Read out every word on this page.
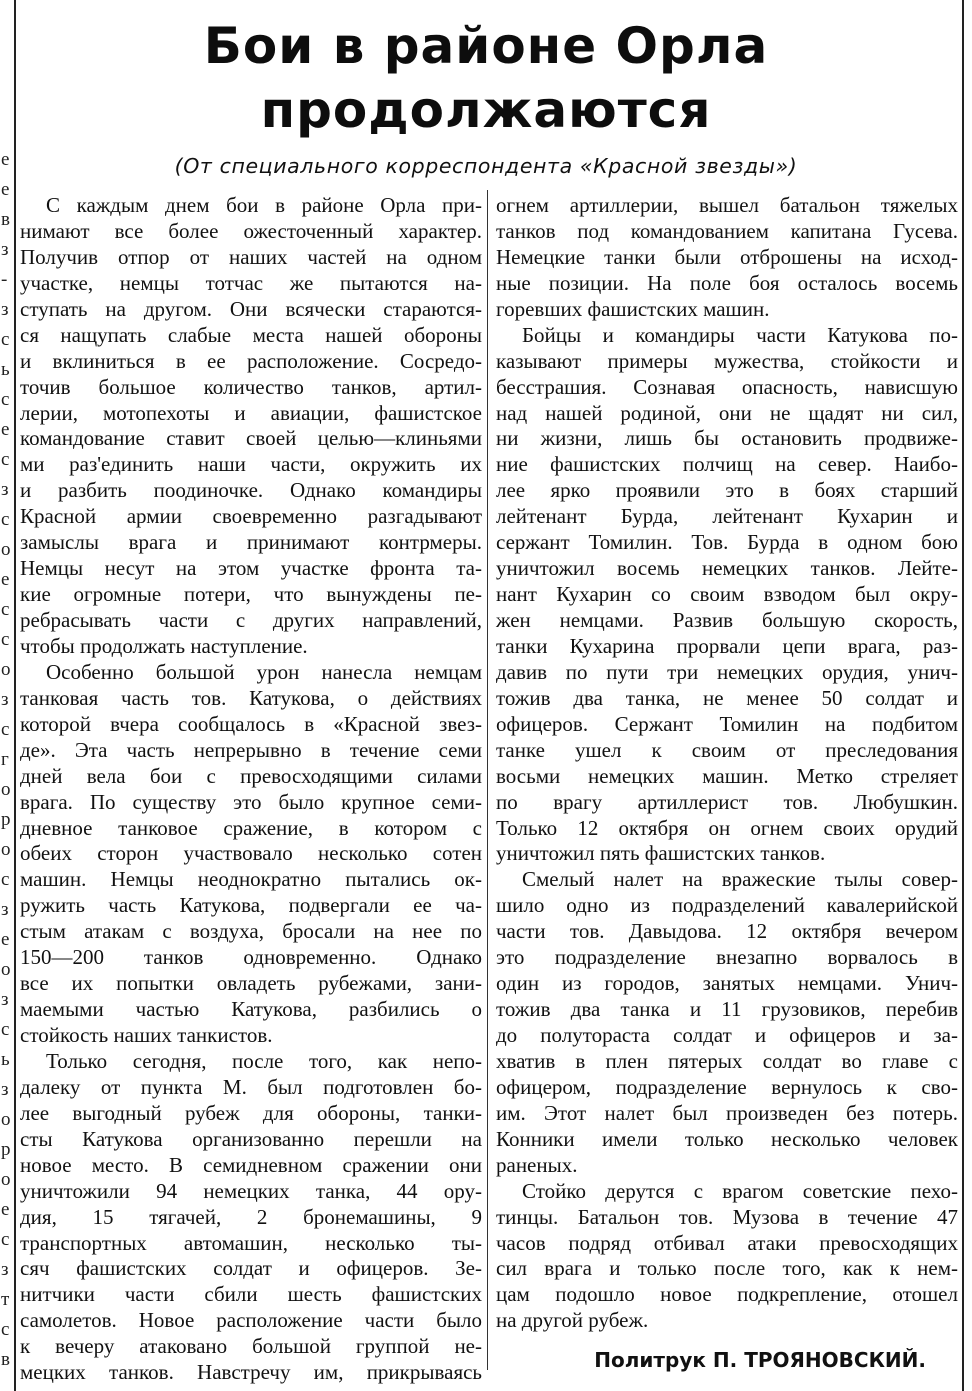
е
е
в
з
-
з
с
ь
с
е
с
з
с
о
е
с
с
о
з
с
г
о
р
о
с
з
е
о
з
с
ь
з
о
р
о
е
с
з
т
с
в
Бои в районе Орла
продолжаются
(От специального корреспондента «Красной звезды»)
С каждым днем бои в районе Орла при-
нимают все более ожесточенный характер.
Получив отпор от наших частей на одном
участке, немцы тотчас же пытаются на-
ступать на другом. Они всячески стараются-
ся нащупать слабые места нашей обороны
и вклиниться в ее расположение. Сосредо-
точив большое количество танков, артил-
лерии, мотопехоты и авиации, фашистское
командование ставит своей целью—клиньями
ми раз'единить наши части, окружить их
и разбить поодиночке. Однако командиры
Красной армии своевременно разгадывают
замыслы врага и принимают контрмеры.
Немцы несут на этом участке фронта та-
кие огромные потери, что вынуждены пе-
ребрасывать части с других направлений,
чтобы продолжать наступление.
Особенно большой урон нанесла немцам
танковая часть тов. Катукова, о действиях
которой вчера сообщалось в «Красной звез-
де». Эта часть непрерывно в течение семи
дней вела бои с превосходящими силами
врага. По существу это было крупное семи-
дневное танковое сражение, в котором с
обеих сторон участвовало несколько сотен
машин. Немцы неоднократно пытались ок-
ружить часть Катукова, подвергали ее ча-
стым атакам с воздуха, бросали на нее по
150—200 танков одновременно. Однако
все их попытки овладеть рубежами, зани-
маемыми частью Катукова, разбились о
стойкость наших танкистов.
Только сегодня, после того, как непо-
далеку от пункта М. был подготовлен бо-
лее выгодный рубеж для обороны, танки-
сты Катукова организованно перешли на
новое место. В семидневном сражении они
уничтожили 94 немецких танка, 44 ору-
дия, 15 тягачей, 2 бронемашины, 9
транспортных автомашин, несколько ты-
сяч фашистских солдат и офицеров. Зе-
нитчики части сбили шесть фашистских
самолетов. Новое расположение части было
к вечеру атаковано большой группой не-
мецких танков. Навстречу им, прикрываясь
огнем артиллерии, вышел батальон тяжелых
танков под командованием капитана Гусева.
Немецкие танки были отброшены на исход-
ные позиции. На поле боя осталось восемь
горевших фашистских машин.
Бойцы и командиры части Катукова по-
казывают примеры мужества, стойкости и
бесстрашия. Сознавая опасность, нависшую
над нашей родиной, они не щадят ни сил,
ни жизни, лишь бы остановить продвиже-
ние фашистских полчищ на север. Наибо-
лее ярко проявили это в боях старший
лейтенант Бурда, лейтенант Кухарин и
сержант Томилин. Тов. Бурда в одном бою
уничтожил восемь немецких танков. Лейте-
нант Кухарин со своим взводом был окру-
жен немцами. Развив большую скорость,
танки Кухарина прорвали цепи врага, раз-
давив по пути три немецких орудия, унич-
тожив два танка, не менее 50 солдат и
офицеров. Сержант Томилин на подбитом
танке ушел к своим от преследования
восьми немецких машин. Метко стреляет
по врагу артиллерист тов. Любушкин.
Только 12 октября он огнем своих орудий
уничтожил пять фашистских танков.
Смелый налет на вражеские тылы совер-
шило одно из подразделений кавалерийской
части тов. Давыдова. 12 октября вечером
это подразделение внезапно ворвалось в
один из городов, занятых немцами. Унич-
тожив два танка и 11 грузовиков, перебив
до полутораста солдат и офицеров и за-
хватив в плен пятерых солдат во главе с
офицером, подразделение вернулось к сво-
им. Этот налет был произведен без потерь.
Конники имели только несколько человек
раненых.
Стойко дерутся с врагом советские пехо-
тинцы. Батальон тов. Музова в течение 47
часов подряд отбивал атаки превосходящих
сил врага и только после того, как к нем-
цам подошло новое подкрепление, отошел
на другой рубеж.
Политрук П. ТРОЯНОВСКИЙ.
